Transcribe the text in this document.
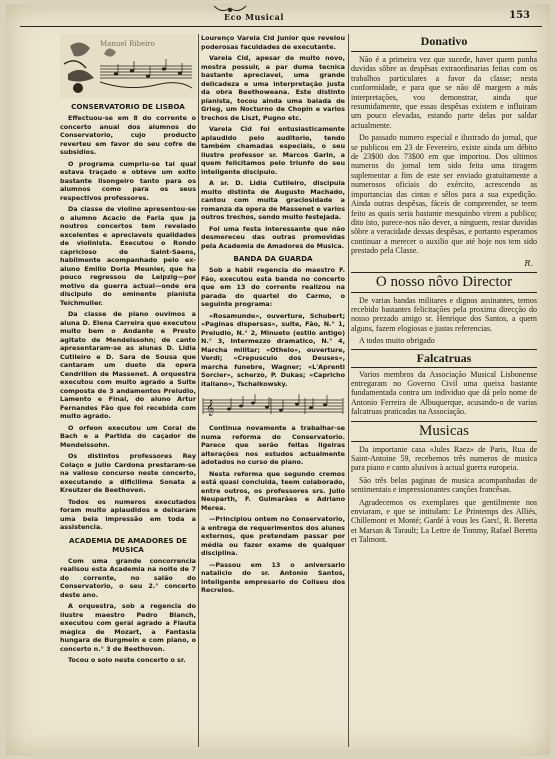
Eco Musical	153
Manuel Ribeiro
CONSERVATORIO DE LISBOA

Effectuou-se em 8 do corrente o concerto anual dos alumnos do Conservatorio, cujo producto reverteu em favor do seu cofre de subsidios.

O programa cumpriu-se tal qual estava traçado e obteve um exito bastante lisongeiro tanto para os alumnos como para os seus respectivos professores.

Da classe de violino apresentou-se o alumno Acacio de Faria que ja noutros concertos tem revelado excelentes e apreciaveis qualidades de violinista. Executou o Rondo capricioso de Saint-Saens, habilmente acompanhado pelo ex-aluno Emilio Doria Meunier, que ha pouco regressou de Leipzig—por motivo da guerra actual—onde era discipulo do eminente pianista Teichmuller.

Da classe de piano ouvimos a aluna D. Elena Carreira que executou muito bem o Andante e Presto agitato de Mendelssohn; de canto apresentaram-se as alunas D. Lidia Cutileiro e D. Sara de Sousa que cantaram um dueto da opera Cendrillon de Massenet. A orquestra executou com muito agrado a Suite composta de 3 andamentos Preludio, Lamento e Final, do aluno Artur Fernandes Fão que foi recebida com muito agrado.

O orfeon executou um Coral de Bach e a Partida do caçador de Mendelssohn.

Os distintos professores Rey Colaço e Julio Cardona prestaram-se na valioso concurso neste concerto, executando a dificilima Sonata a Kreutzer de Beethoven.

Todos os numeros executados foram muito aplaudidos e deixaram uma bela impressão em toda a assistencia.

ACADEMIA DE AMADORES DE MUSICA

Com uma grande concorrencia realisou esta Academia na noite de 7 do corrente, no salão do Conservatorio, o seu 2.° concerto deste ano.

A orquestra, sob a regencia do ilustre maestro Pedro Blanch, executou com geral agrado a Flauta magica de Mozart, a Fantasia hungara de Burgmein e com piano, o concerto n.° 3 de Beethoven.

Tocou o solo neste concerto o sr.

Lourenço Varela Cid Junior que revelou poderosas faculdades de executante.

Varela Cid, apesar de muito novo, mostra possuir, a par duma tecnica bastante apreciavel, uma grande delicadeza e uma interpretação justa da obra Beethoweana. Este distinto pianista, tocou ainda uma balada de Grieg, um Nocturno de Chopin e varios trechos de Liszt, Pugno etc.

Varela Cid foi entusiasticamente aplaudido pelo auditorio, tendo também chamadas especiais, o seu ilustre professor sr. Marcos Garin, a quem felicitamos pelo triunfo do seu inteligente discipulo.

A sr. D. Lidia Cutileiro, discipula muito distinta de Augusto Machado, cantou com muita graciosidade a romanza da opera de Massenet e varios outros trechos, sendo muito festejada.

Foi uma festa interessante que não desmereceu das outras promovidas pela Academia de Amadores de Musica.

BANDA DA GUARDA

Sob a habil regencia do maestro F. Fão, executou esta banda no concerto que em 13 do corrente realizou na parada do quartel do Carmo, o seguinte programa:

«Rosamunde», ouverture, Schubert; «Paginas dispersas», suite, Fão, N.° 1, Preludio, N.° 2, Minueto (estilo antigo) N.° 3, Intermezzo dramatico, N.° 4, Marcha militar; «Othelo», ouverture, Verdi; «Crepusculo dos Deuses», marcha funebre, Wagner; «L'Aprenti Sorcier», scherzo, P. Dukas; «Capricho italiano», Tschaikowsky.

𝄞

Continua novamente a trabalhar-se numa reforma do Conservatorio. Parece que serão feitas ligeiras alterações nos estudos actualmente adotados no curso de piano.

Nesta reforma que segundo cremos está quasi concluida, teem colaborado, entre outros, os professores srs. Julio Neuparth, F. Guimarães e Adriano Merea.

—Principiou ontem no Conservatorio, a entrega de requerimentos dos alunos externos, que pretendam passar por média ou fazer exame de qualquer disciplina.

—Passou em 13 o aniversario natalicio do sr. Antonio Santos, inteligente empresario do Coliseu dos Recreios.

Donativo

Não é a primeira vez que sucede, haver quem ponha duvidas sôbre as despêsas extraordinarias feitas com os trabalhos particulares a favor da classe; nesta conformidade, e para que se não dê margem a más interpretações, vou demonstrar, ainda que resumidamente, que essas despêsas existem e influiram um pouco elevadas, estando parte delas por saldar actualmente.

Do passado numero especial e ilustrado do jornal, que se publicou em 23 de Fevereiro, existe ainda um débito de 23$00 dos 73$00 em que importou. Dos ultimos numeros do jornal tem sido feita uma tiragem suplementar a fim de este ser enviado gratuitamente a numerosos oficiais do exército, acrescendo as importancias das cintas e sêlos para a sua expedição. Ainda outras despêsas, fáceis de compreender, se teem feito as quais seria bastante mesquinho virem a publico; dito isto, parece-nos não dever, a ninguem, restar duvidas sôbre a veracidade dessas despêsas, e portanto esperamos continuar a merecer o auxilio que até hoje nos tem sido prestado pela Classe.

R.
O nosso nôvo Director

De varias bandas militares e dignos assinantes, temos recebido bastantes felicitações pela proxima direcção do nosso prezado amigo sr. Henrique dos Santos, a quem alguns, fazem elogiosas e justas referencias.

A todos muito obrigado

Falcatruas

Varios membros da Associação Musical Lisbonense entregaram no Governo Civil uma queixa bastante fundamentada contra um individuo que dá pelo nome de Antonio Ferreira de Albuquerque, acusando-o de varias falcatruas praticadas na Associação.

Musicas

Da importante casa «Jules Raez» de Paris, Rua de Saint-Antoine 59, recebemos três numeros de musica para piano e canto alusivos à actual guerra europeia.

São três belas paginas de musica acompanhadas de sentimentais e impressionantes canções francêsas.

Agradecemos os exemplares que gentilmente nos enviaram, e que se intitulam: Le Printemps des Alliés, Chillemont et Monté; Gardé à vous les Gars!, R. Beretta et Marsan & Tarault; La Lettre de Tommy, Rafael Beretta et Talmont.
